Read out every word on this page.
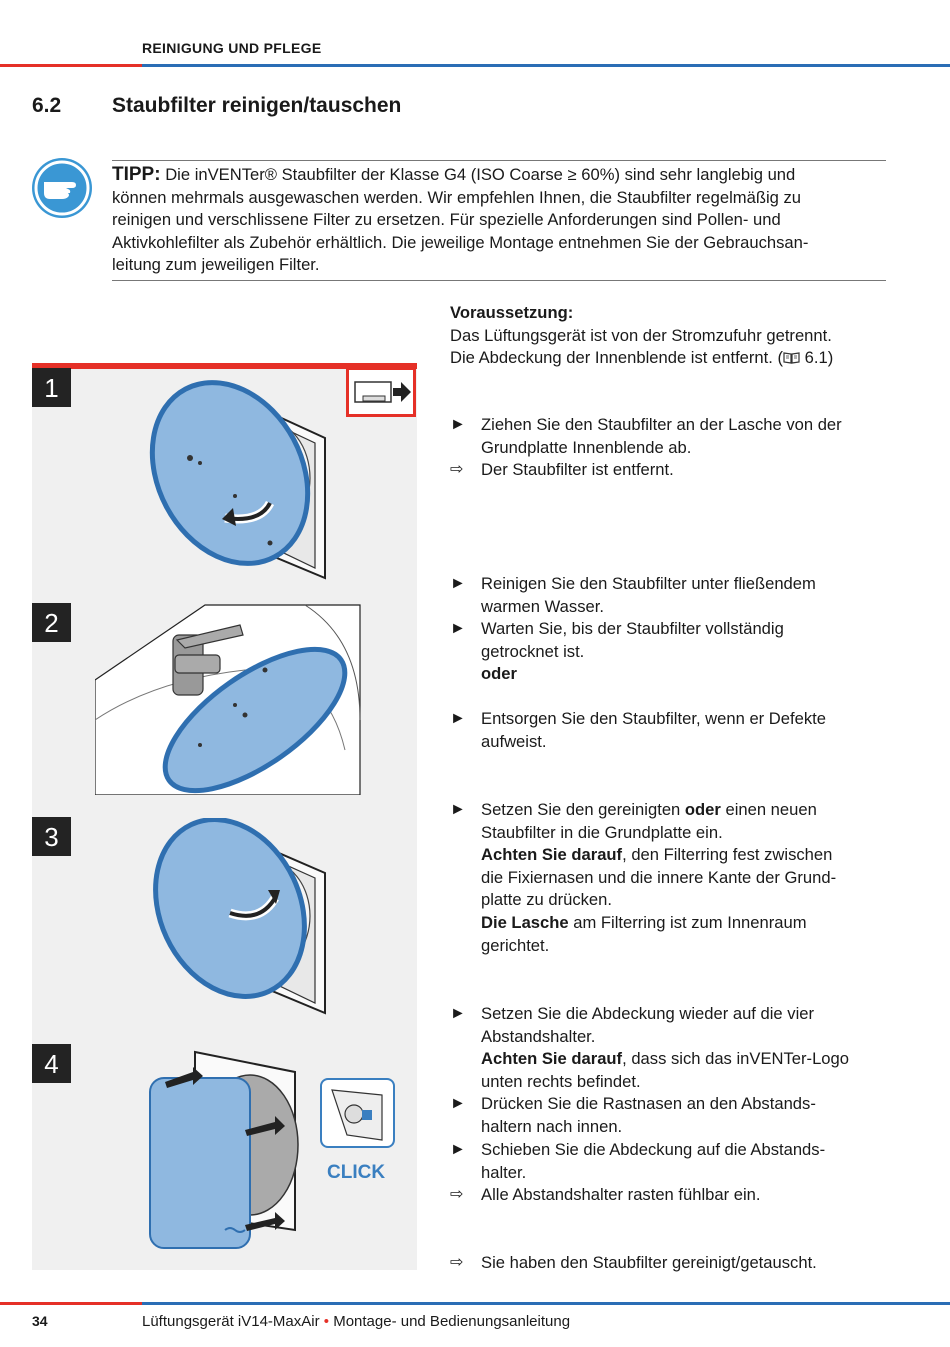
REINIGUNG UND PFLEGE
6.2 Staubfilter reinigen/tauschen
TIPP: Die inVENTer® Staubfilter der Klasse G4 (ISO Coarse ≥ 60%) sind sehr langlebig und
können mehrmals ausgewaschen werden. Wir empfehlen Ihnen, die Staubfilter regelmäßig zu
reinigen und verschlissene Filter zu ersetzen. Für spezielle Anforderungen sind Pollen- und
Aktivkohlefilter als Zubehör erhältlich. Die jeweilige Montage entnehmen Sie der Gebrauchsan-
leitung zum jeweiligen Filter.
Voraussetzung:
Das Lüftungsgerät ist von der Stromzufuhr getrennt.
Die Abdeckung der Innenblende ist entfernt. ( 6.1)
1
2
3
4
CLICK
► Ziehen Sie den Staubfilter an der Lasche von der
Grundplatte Innenblende ab.
⇨	Der Staubfilter ist entfernt.
► Reinigen Sie den Staubfilter unter fließendem
warmen Wasser.
► Warten Sie, bis der Staubfilter vollständig
getrocknet ist.
oder
► Entsorgen Sie den Staubfilter, wenn er Defekte
aufweist.
► Setzen Sie den gereinigten oder einen neuen
Staubfilter in die Grundplatte ein.
Achten Sie darauf, den Filterring fest zwischen
die Fixiernasen und die innere Kante der Grund-
platte zu drücken.
Die Lasche am Filterring ist zum Innenraum
gerichtet.
► Setzen Sie die Abdeckung wieder auf die vier
Abstandshalter.
Achten Sie darauf, dass sich das inVENTer-Logo
unten rechts befindet.
► Drücken Sie die Rastnasen an den Abstands-
haltern nach innen.
► Schieben Sie die Abdeckung auf die Abstands-
halter.
⇨	Alle Abstandshalter rasten fühlbar ein.
⇨	Sie haben den Staubfilter gereinigt/getauscht.
34	Lüftungsgerät iV14-MaxAir • Montage- und Bedienungsanleitung
